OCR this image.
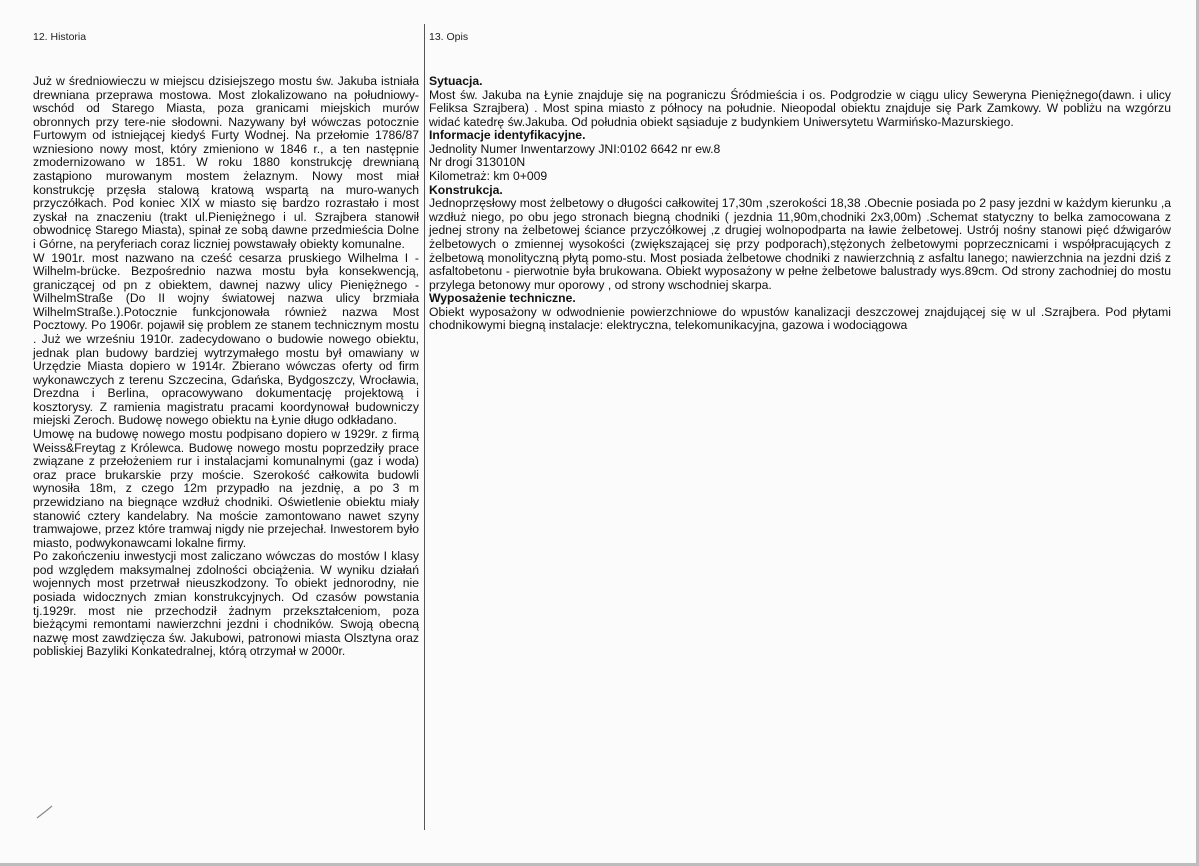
12. Historia

Już w średniowieczu w miejscu dzisiejszego mostu św. Jakuba istniała drewniana przeprawa mostowa. Most zlokalizowano na południowy-wschód od Starego Miasta, poza granicami miejskich murów obronnych przy tere-nie słodowni. Nazywany był wówczas potocznie Furtowym od istniejącej kiedyś Furty Wodnej. Na przełomie 1786/87 wzniesiono nowy most, który zmieniono w 1846 r., a ten następnie zmodernizowano w 1851. W roku 1880 konstrukcję drewnianą zastąpiono murowanym mostem żelaznym. Nowy most miał konstrukcję przęsła stalową kratową wspartą na muro-wanych przyczółkach. Pod koniec XIX w miasto się bardzo rozrastało i most zyskał na znaczeniu (trakt ul.Pieniężnego i ul. Szrajbera stanowił obwodnicę Starego Miasta), spinał ze sobą dawne przedmieścia Dolne i Górne, na peryferiach coraz liczniej powstawały obiekty komunalne.

W 1901r. most nazwano na cześć cesarza pruskiego Wilhelma I - Wilhelm-brücke. Bezpośrednio nazwa mostu była konsekwencją, graniczącej od pn z obiektem, dawnej nazwy ulicy Pieniężnego - WilhelmStraße (Do II wojny światowej nazwa ulicy brzmiała WilhelmStraße.).Potocznie funkcjonowała również nazwa Most Pocztowy. Po 1906r. pojawił się problem ze stanem technicznym mostu . Już we wrześniu 1910r. zadecydowano o budowie nowego obiektu, jednak plan budowy bardziej wytrzymałego mostu był omawiany w Urzędzie Miasta dopiero w 1914r. Zbierano wówczas oferty od firm wykonawczych z terenu Szczecina, Gdańska, Bydgoszczy, Wrocławia, Drezdna i Berlina, opracowywano dokumentację projektową i kosztorysy. Z ramienia magistratu pracami koordynował budowniczy miejski Zeroch. Budowę nowego obiektu na Łynie długo odkładano.

Umowę na budowę nowego mostu podpisano dopiero w 1929r. z firmą Weiss&Freytag z Królewca. Budowę nowego mostu poprzedziły prace związane z przełożeniem rur i instalacjami komunalnymi (gaz i woda) oraz prace brukarskie przy moście. Szerokość całkowita budowli wynosiła 18m, z czego 12m przypadło na jezdnię, a po 3 m przewidziano na biegnące wzdłuż chodniki. Oświetlenie obiektu miały stanowić cztery kandelabry. Na moście zamontowano nawet szyny tramwajowe, przez które tramwaj nigdy nie przejechał. Inwestorem było miasto, podwykonawcami lokalne firmy.

Po zakończeniu inwestycji most zaliczano wówczas do mostów I klasy pod względem maksymalnej zdolności obciążenia. W wyniku działań wojennych most przetrwał nieuszkodzony. To obiekt jednorodny, nie posiada widocznych zmian konstrukcyjnych. Od czasów powstania tj.1929r. most nie przechodził żadnym przekształceniom, poza bieżącymi remontami nawierzchni jezdni i chodników. Swoją obecną nazwę most zawdzięcza św. Jakubowi, patronowi miasta Olsztyna oraz pobliskiej Bazyliki Konkatedralnej, którą otrzymał w 2000r.

13. Opis

Sytuacja.

Most św. Jakuba na Łynie znajduje się na pograniczu Śródmieścia i os. Podgrodzie w ciągu ulicy Seweryna Pieniężnego(dawn. i ulicy Feliksa Szrajbera) . Most spina miasto z północy na południe. Nieopodal obiektu znajduje się Park Zamkowy. W pobliżu na wzgórzu widać katedrę św.Jakuba. Od południa obiekt sąsiaduje z budynkiem Uniwersytetu Warmińsko-Mazurskiego.

Informacje identyfikacyjne.

Jednolity Numer Inwentarzowy JNI:0102 6642 nr ew.8

Nr drogi 313010N

Kilometraż: km 0+009

Konstrukcja.

Jednoprzęsłowy most żelbetowy o długości całkowitej 17,30m ,szerokości 18,38 .Obecnie posiada po 2 pasy jezdni w każdym kierunku ,a wzdłuż niego, po obu jego stronach biegną chodniki ( jezdnia 11,90m,chodniki 2x3,00m) .Schemat statyczny to belka zamocowana z jednej strony na żelbetowej ściance przyczółkowej ,z drugiej wolnopodparta na ławie żelbetowej. Ustrój nośny stanowi pięć dźwigarów żelbetowych o zmiennej wysokości (zwiększającej się przy podporach),stężonych żelbetowymi poprzecznicami i współpracujących z żelbetową monolityczną płytą pomo-stu. Most posiada żelbetowe chodniki z nawierzchnią z asfaltu lanego; nawierzchnia na jezdni dziś z asfaltobetonu - pierwotnie była brukowana. Obiekt wyposażony w pełne żelbetowe balustrady wys.89cm. Od strony zachodniej do mostu przylega betonowy mur oporowy , od strony wschodniej skarpa.

Wyposażenie techniczne.

Obiekt wyposażony w odwodnienie powierzchniowe do wpustów kanalizacji deszczowej znajdującej się w ul .Szrajbera. Pod płytami chodnikowymi biegną instalacje: elektryczna, telekomunikacyjna, gazowa i wodociągowa
